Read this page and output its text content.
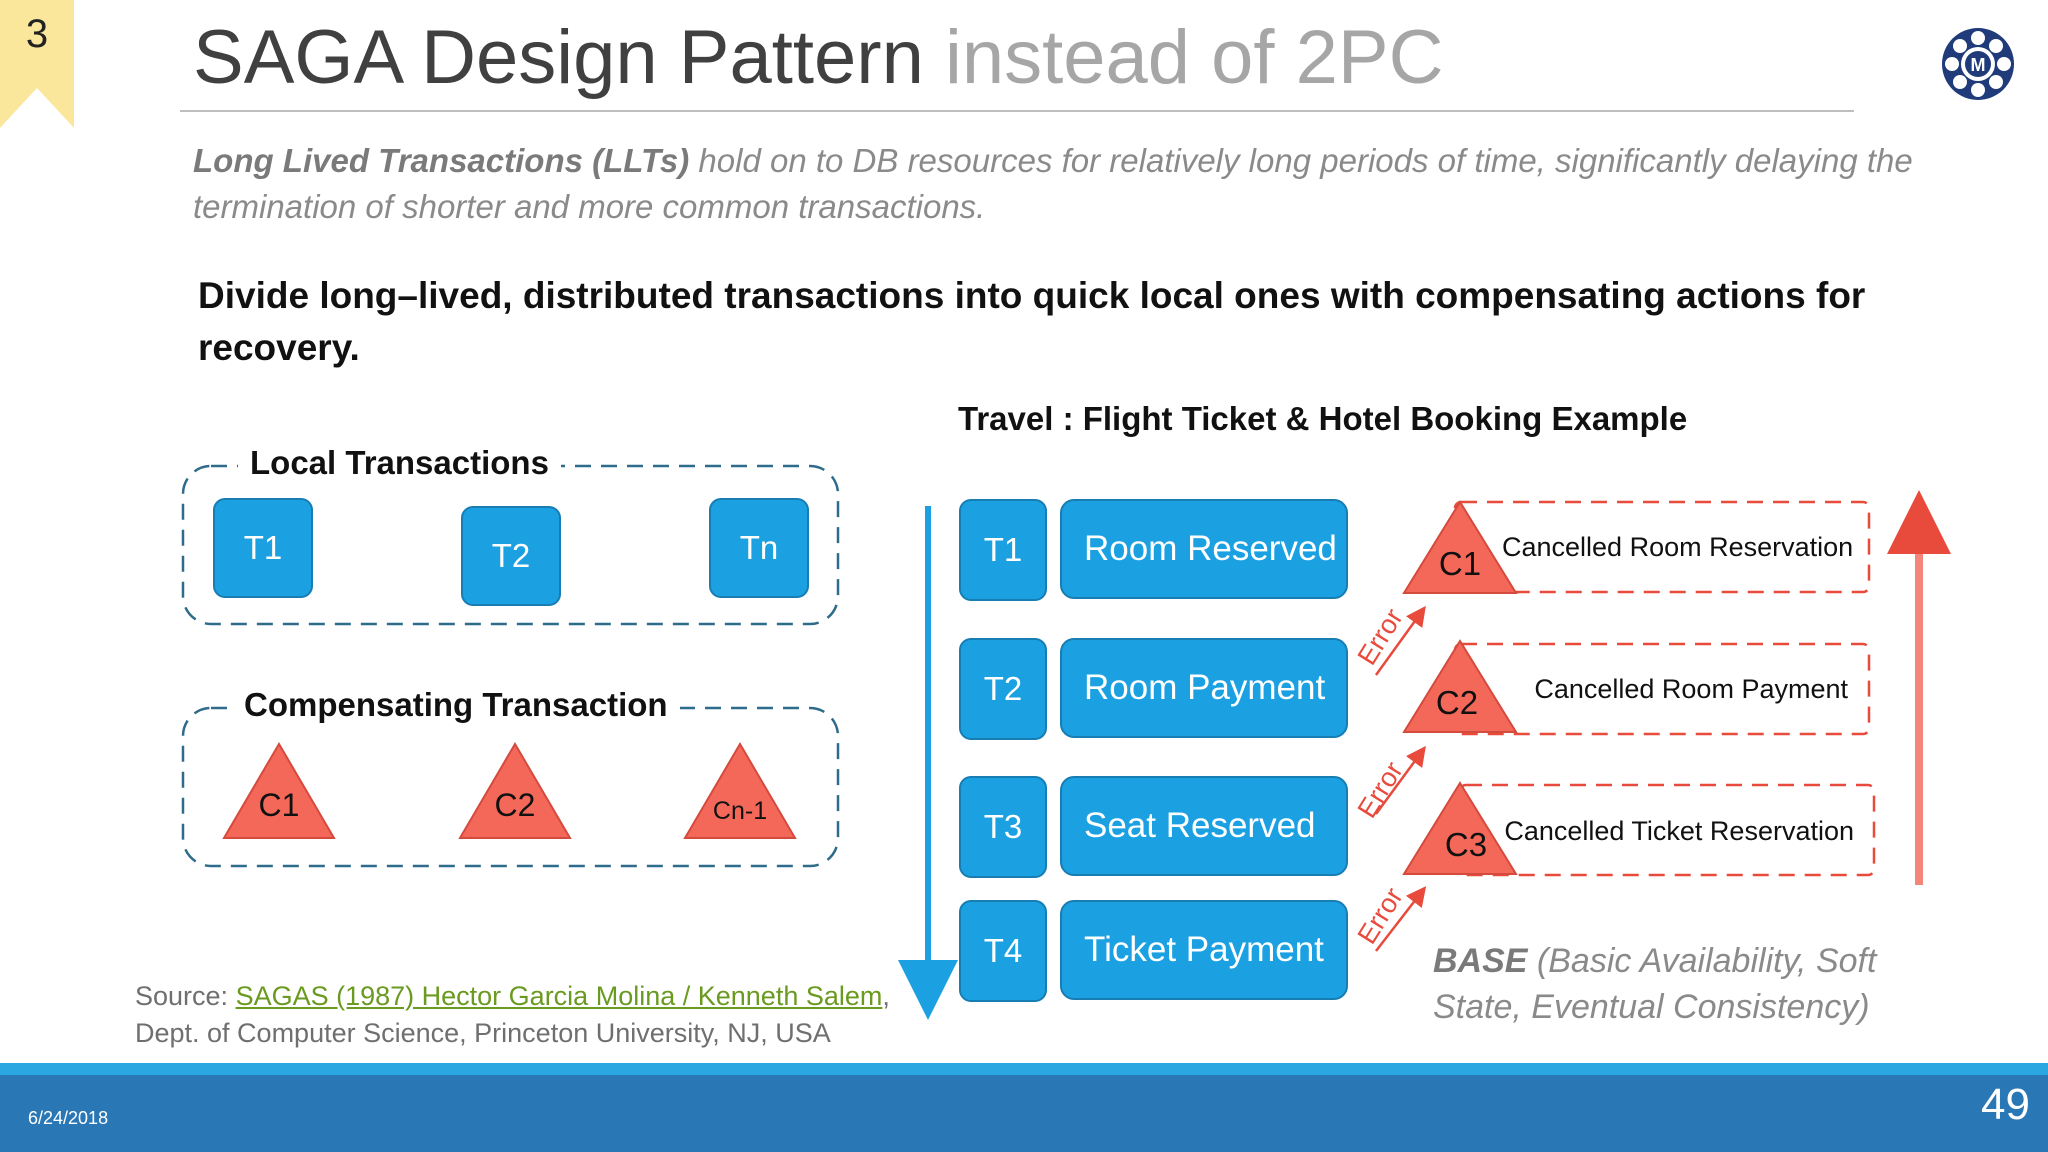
3	SAGA Design Pattern instead of 2PC	M
Long Lived Transactions (LLTs) hold on to DB resources for relatively long periods of time, significantly delaying the termination of shorter and more common transactions.
Divide long–lived, distributed transactions into quick local ones with compensating actions for recovery.
Travel : Flight Ticket & Hotel Booking Example
Error
Error
Error
Local Transactions
Compensating Transaction
T1	T2	Tn
C1	C2	Cn-1
T1
T2
T3
T4
Room Reserved
Room Payment
Seat Reserved
Ticket Payment
C1
C2
C3
Cancelled Room Reservation
Cancelled Room Payment
Cancelled Ticket Reservation
Source: SAGAS (1987) Hector Garcia Molina / Kenneth Salem,
Dept. of Computer Science, Princeton University, NJ, USA
BASE (Basic Availability, Soft State, Eventual Consistency)
6/24/2018	49
